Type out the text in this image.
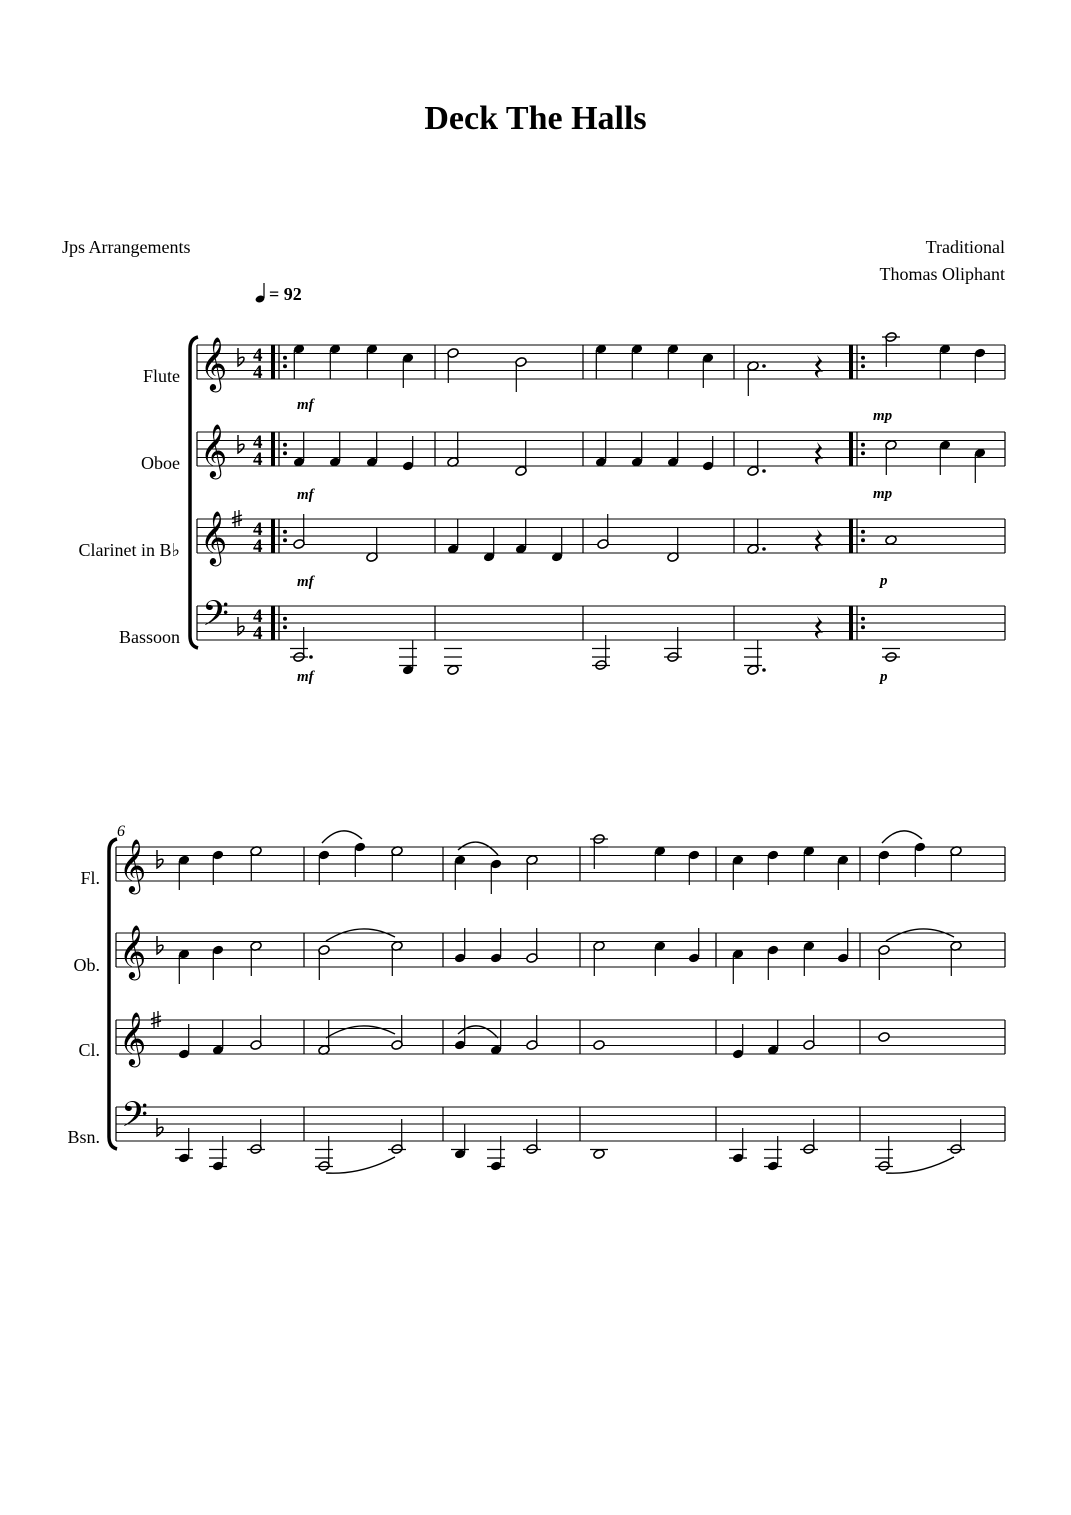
Deck The Halls
Jps Arrangements	Traditional
Thomas Oliphant
= 92
Flute
Oboe
Clarinet in B♭
Bassoon
Fl.
Ob.
Cl.
Bsn.
𝄞
𝄞
𝄞
𝄢
4
4
4
4
4
4
4
4
mf
mp
mf	mp
mf	p
mf	p
6
𝄞
𝄞
𝄞
𝄢
